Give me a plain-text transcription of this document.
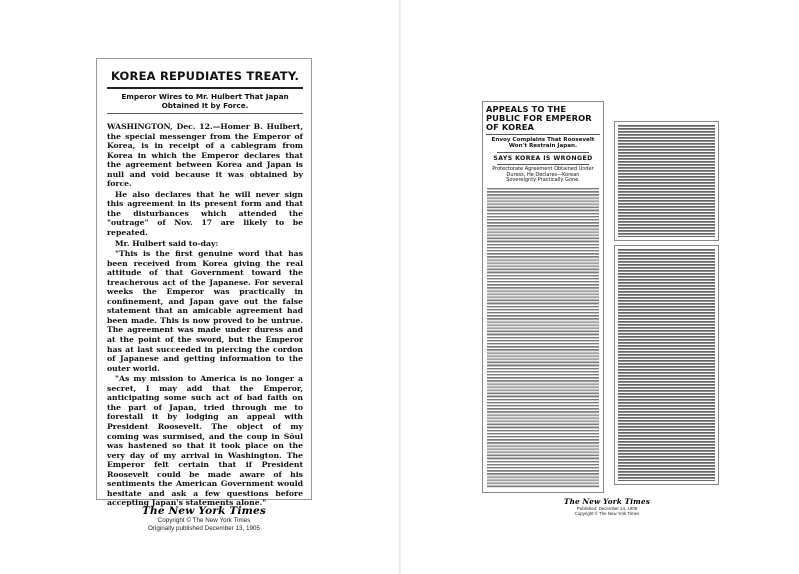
KOREA REPUDIATES TREATY.

Emperor Wires to Mr. Hulbert That Japan Obtained It by Force.

WASHINGTON, Dec. 12.—Homer B. Hulbert, the special messenger from the Emperor of Korea, is in receipt of a cablegram from Korea in which the Emperor declares that the agreement between Korea and Japan is null and void because it was obtained by force.

He also declares that he will never sign this agreement in its present form and that the disturbances which attended the "outrage" of Nov. 17 are likely to be repeated.

Mr. Hulbert said to-day:

"This is the first genuine word that has been received from Korea giving the real attitude of that Government toward the treacherous act of the Japanese. For several weeks the Emperor was practically in confinement, and Japan gave out the false statement that an amicable agreement had been made. This is now proved to be untrue. The agreement was made under duress and at the point of the sword, but the Emperor has at last succeeded in piercing the cordon of Japanese and getting information to the outer world.

"As my mission to America is no longer a secret, I may add that the Emperor, anticipating some such act of bad faith on the part of Japan, tried through me to forestall it by lodging an appeal with President Roosevelt. The object of my coming was surmised, and the coup in Sŏul was hastened so that it took place on the very day of my arrival in Washington. The Emperor felt certain that if President Roosevelt could be made aware of his sentiments the American Government would hesitate and ask a few questions before accepting Japan's statements alone."

The New York Times
Copyright © The New York Times
Originally published December 13, 1905
APPEALS TO THE PUBLIC FOR EMPEROR OF KOREA
Envoy Complains That Roosevelt Won't Restrain Japan.
SAYS KOREA IS WRONGED
Protectorate Agreement Obtained Under Duress, He Declares—Korean Sovereignty Practically Gone.
The New York Times
Published: December 14, 1905
Copyright © The New York Times
